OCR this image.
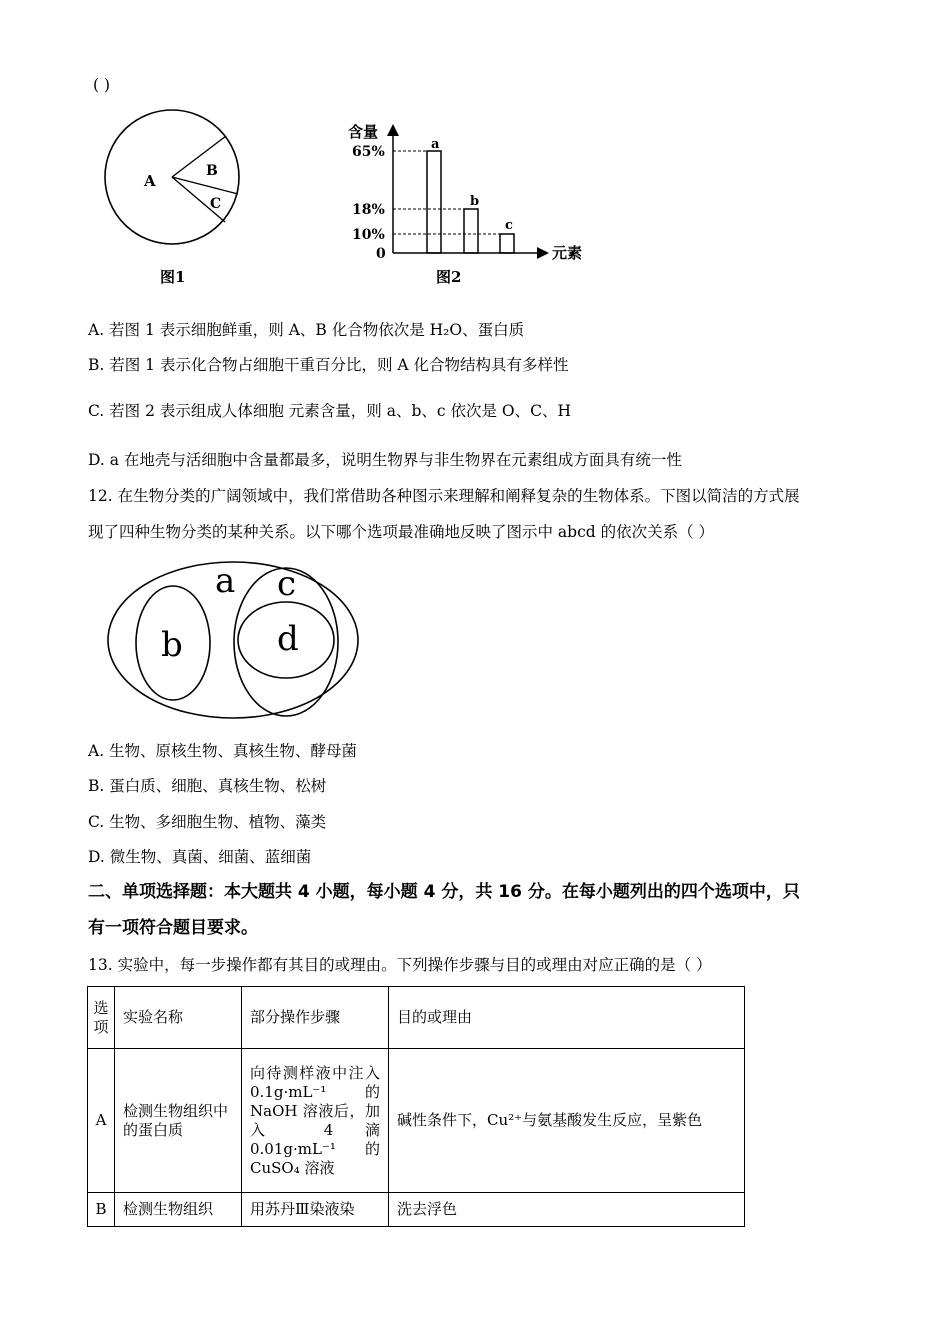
( )
A
B
C
图1
含量
元素
0
65%
18%
10%
a
b
c
图2
A. 若图 1 表示细胞鲜重，则 A、B 化合物依次是 H₂O、蛋白质
B. 若图 1 表示化合物占细胞干重百分比，则 A 化合物结构具有多样性
C. 若图 2 表示组成人体细胞 元素含量，则 a、b、c 依次是 O、C、H
D. a 在地壳与活细胞中含量都最多，说明生物界与非生物界在元素组成方面具有统一性
12. 在生物分类的广阔领域中，我们常借助各种图示来理解和阐释复杂的生物体系。下图以简洁的方式展
现了四种生物分类的某种关系。以下哪个选项最准确地反映了图示中 abcd 的依次关系（ ）
a
b
c
d
A. 生物、原核生物、真核生物、酵母菌
B. 蛋白质、细胞、真核生物、松树
C. 生物、多细胞生物、植物、藻类
D. 微生物、真菌、细菌、蓝细菌
二、单项选择题：本大题共 4 小题，每小题 4 分，共 16 分。在每小题列出的四个选项中，只
有一项符合题目要求。
13. 实验中，每一步操作都有其目的或理由。下列操作步骤与目的或理由对应正确的是（ ）
选项	实验名称	部分操作步骤	目的或理由
A	检测生物组织中的蛋白质	向待测样液中注入 0.1g·mL⁻¹ 的 NaOH 溶液后，加入 4 滴 0.01g·mL⁻¹ 的 CuSO₄ 溶液	碱性条件下，Cu²⁺与氨基酸发生反应，呈紫色
B	检测生物组织	用苏丹Ⅲ染液染	洗去浮色
